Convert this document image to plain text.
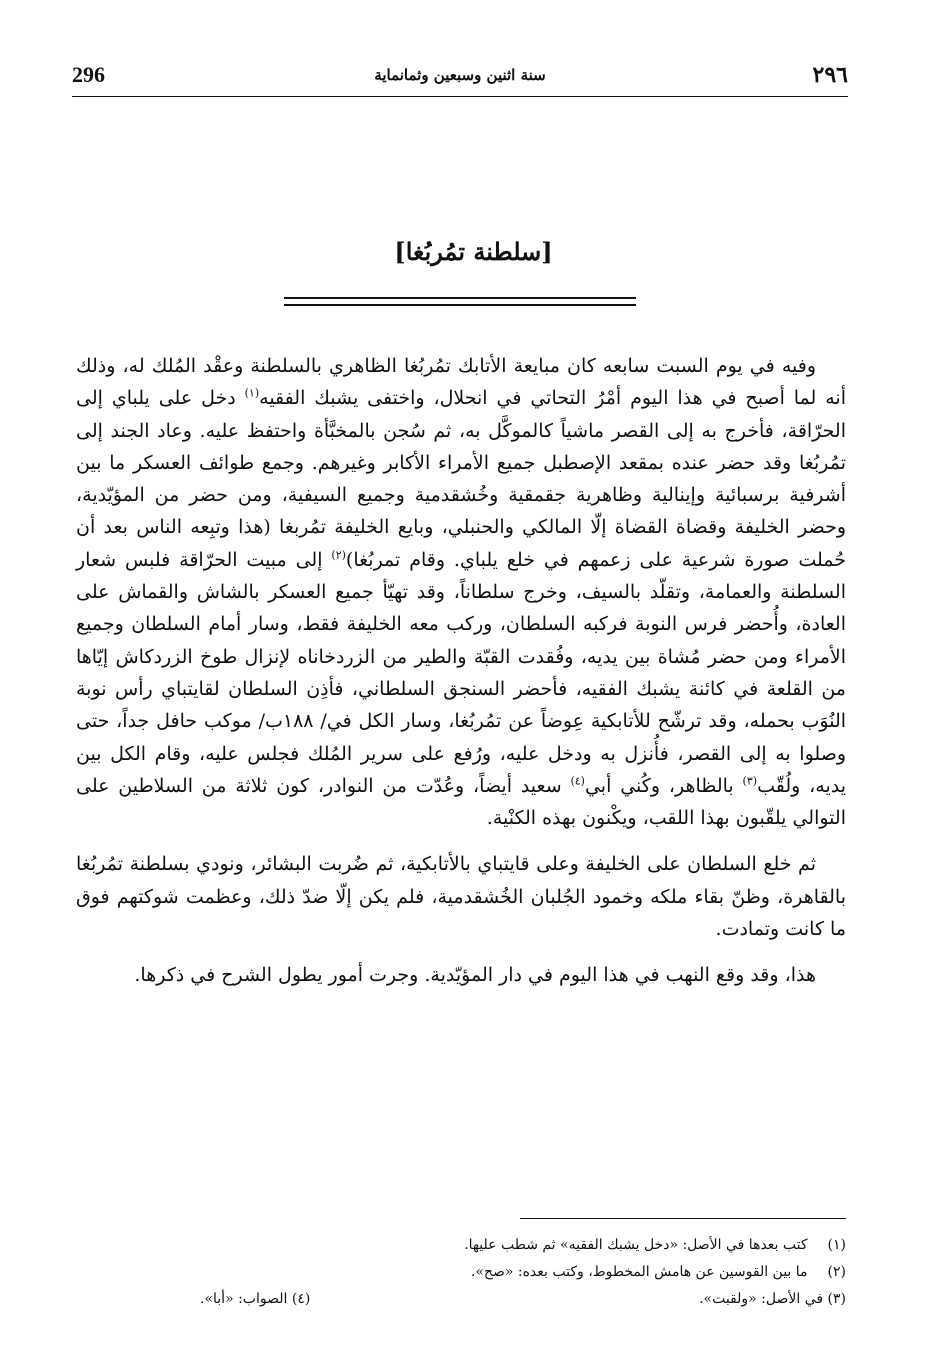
296	سنة اثنين وسبعين وثمانماية	٢٩٦
[سلطنة تمُربُغا]

وفيه في يوم السبت سابعه كان مبايعة الأتابك تمُربُغا الظاهري بالسلطنة وعقْد المُلك له، وذلك أنه لما أصبح في هذا اليوم أمْرُ التحاتي في انحلال، واختفى يشبك الفقيه$^{(١)}$ دخل على يلباي إلى الحرّاقة، فأخرج به إلى القصر ماشياً كالموكَّل به، ثم سُجن بالمخبَّأة واحتفظ عليه. وعاد الجند إلى تمُربُغا وقد حضر عنده بمقعد الإصطبل جميع الأمراء الأكابر وغيرهم. وجمع طوائف العسكر ما بين أشرفية برسبائية وإينالية وظاهرية جقمقية وخُشقدمية وجميع السيفية، ومن حضر من المؤيّدية، وحضر الخليفة وقضاة القضاة إلّا المالكي والحنبلي، وبايع الخليفة تمُربغا (هذا وتبِعه الناس بعد أن حُملت صورة شرعية على زعمهم في خلع يلباي. وقام تمربُغا)$^{(٢)}$ إلى مبيت الحرّاقة فلبس شعار السلطنة والعمامة، وتقلّد بالسيف، وخرج سلطاناً، وقد تهيّأ جميع العسكر بالشاش والقماش على العادة، وأُحضر فرس النوبة فركبه السلطان، وركب معه الخليفة فقط، وسار أمام السلطان وجميع الأمراء ومن حضر مُشاة بين يديه، وفُقدت القبّة والطير من الزردخاناه لإنزال طوخ الزردكاش إيّاها من القلعة في كائنة يشبك الفقيه، فأحضر السنجق السلطاني، فأذِن السلطان لقايتباي رأس نوبة النُوَب بحمله، وقد ترشّح للأتابكية عِوضاً عن تمُربُغا، وسار الكل في/ ١٨٨ب/ موكب حافل جداً، حتى وصلوا به إلى القصر، فأُنزل به ودخل عليه، ورُفع على سرير المُلك فجلس عليه، وقام الكل بين يديه، ولُقّب$^{(٣)}$ بالظاهر، وكُني أبي$^{(٤)}$ سعيد أيضاً، وعُدّت من النوادر، كون ثلاثة من السلاطين على التوالي يلقّبون بهذا اللقب، ويكْنون بهذه الكنْية.

ثم خلع السلطان على الخليفة وعلى قايتباي بالأتابكية، ثم ضُربت البشائر، ونودي بسلطنة تمُربُغا بالقاهرة، وظنّ بقاء ملكه وخمود الجُلبان الخُشقدمية، فلم يكن إلّا ضدّ ذلك، وعظمت شوكتهم فوق ما كانت وتمادت.

هذا، وقد وقع النهب في هذا اليوم في دار المؤيّدية. وجرت أمور يطول الشرح في ذكرها.

(١) كتب بعدها في الأصل: «دخل يشبك الفقيه» ثم شطب عليها.
(٢) ما بين القوسين عن هامش المخطوط، وكتب بعده: «صح».
(٣) في الأصل: «ولقبت».
(٤) الصواب: «أبا».
